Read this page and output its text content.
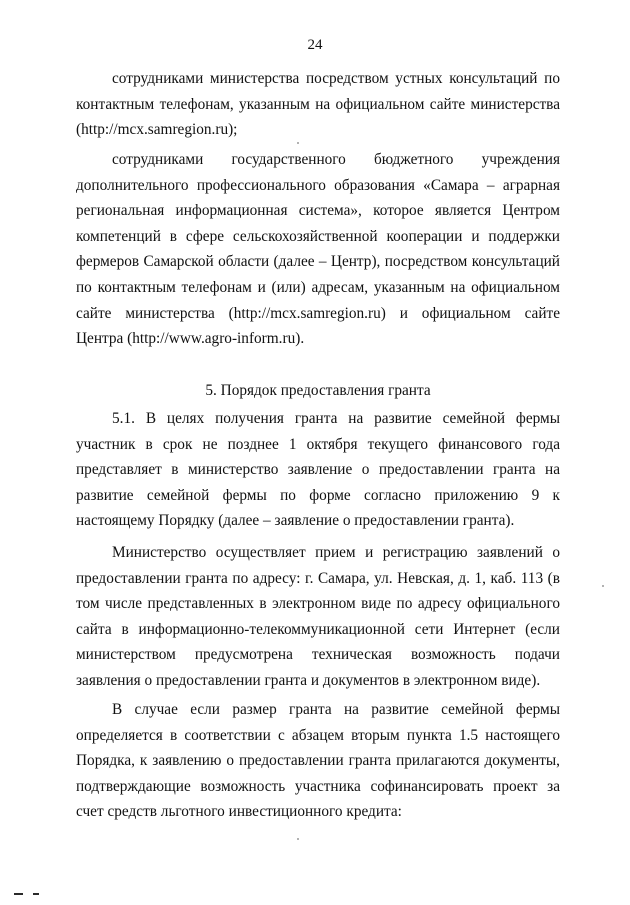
24

сотрудниками министерства посредством устных консультаций по контактным телефонам, указанным на официальном сайте министерства (http://mcx.samregion.ru);

сотрудниками государственного бюджетного учреждения дополнительного профессионального образования «Самара – аграрная региональная информационная система», которое является Центром компетенций в сфере сельскохозяйственной кооперации и поддержки фермеров Самарской области (далее – Центр), посредством консультаций по контактным телефонам и (или) адресам, указанным на официальном сайте министерства (http://mcx.samregion.ru) и официальном сайте Центра (http://www.agro-inform.ru).

5. Порядок предоставления гранта

5.1. В целях получения гранта на развитие семейной фермы участник в срок не позднее 1 октября текущего финансового года представляет в министерство заявление о предоставлении гранта на развитие семейной фермы по форме согласно приложению 9 к настоящему Порядку (далее – заявление о предоставлении гранта).

Министерство осуществляет прием и регистрацию заявлений о предоставлении гранта по адресу: г. Самара, ул. Невская, д. 1, каб. 113 (в том числе представленных в электронном виде по адресу официального сайта в информационно-телекоммуникационной сети Интернет (если министерством предусмотрена техническая возможность подачи заявления о предоставлении гранта и документов в электронном виде).

В случае если размер гранта на развитие семейной фермы определяется в соответствии с абзацем вторым пункта 1.5 настоящего Порядка, к заявлению о предоставлении гранта прилагаются документы, подтверждающие возможность участника софинансировать проект за счет средств льготного инвестиционного кредита:
